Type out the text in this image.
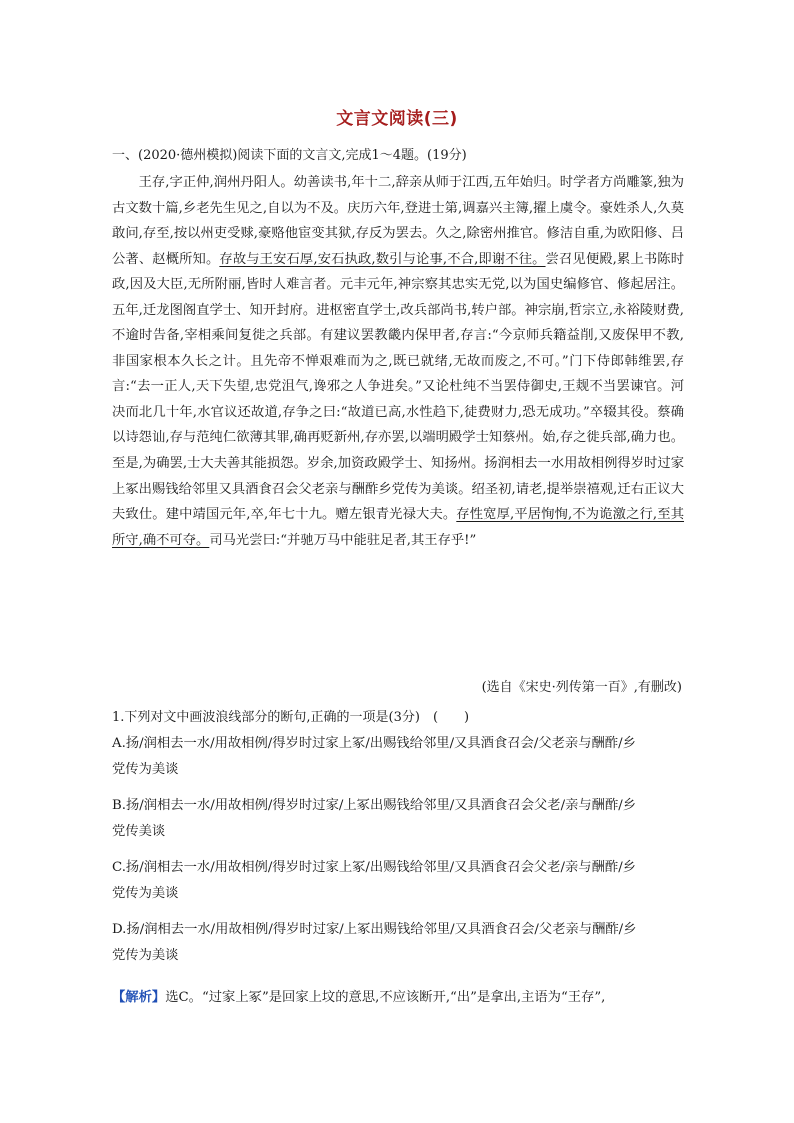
文言文阅读(三)
一、(2020·德州模拟)阅读下面的文言文,完成1～4题。(19分)

王存,字正仲,润州丹阳人。幼善读书,年十二,辞亲从师于江西,五年始归。时学者方尚雕篆,独为古文数十篇,乡老先生见之,自以为不及。庆历六年,登进士第,调嘉兴主簿,擢上虞令。豪姓杀人,久莫敢问,存至,按以州吏受赇,豪赂他宦变其狱,存反为罢去。久之,除密州推官。修洁自重,为欧阳修、吕公著、赵概所知。存故与王安石厚,安石执政,数引与论事,不合,即谢不往。尝召见便殿,累上书陈时政,因及大臣,无所附丽,皆时人难言者。元丰元年,神宗察其忠实无党,以为国史编修官、修起居注。五年,迁龙图阁直学士、知开封府。进枢密直学士,改兵部尚书,转户部。神宗崩,哲宗立,永裕陵财费,不逾时告备,宰相乘间复徙之兵部。有建议罢教畿内保甲者,存言:“今京师兵籍益削,又废保甲不教,非国家根本久长之计。且先帝不惮艰难而为之,既已就绪,无故而废之,不可。”门下侍郎韩维罢,存言:“去一正人,天下失望,忠党沮气,谗邪之人争进矣。”又论杜纯不当罢侍御史,王觌不当罢谏官。河决而北几十年,水官议还故道,存争之曰:“故道已高,水性趋下,徒费财力,恐无成功。”卒辍其役。蔡确以诗怨讪,存与范纯仁欲薄其罪,确再贬新州,存亦罢,以端明殿学士知蔡州。始,存之徙兵部,确力也。至是,为确罢,士大夫善其能损怨。岁余,加资政殿学士、知扬州。扬润相去一水用故相例得岁时过家上冢出赐钱给邻里又具酒食召会父老亲与酬酢乡党传为美谈。绍圣初,请老,提举崇禧观,迁右正议大夫致仕。建中靖国元年,卒,年七十九。赠左银青光禄大夫。存性宽厚,平居恂恂,不为诡激之行,至其所守,确不可夺。司马光尝曰:“并驰万马中能驻足者,其王存乎!”

(选自《宋史·列传第一百》,有删改)
1.下列对文中画波浪线部分的断句,正确的一项是(3分)　(　　)
A.扬/润相去一水/用故相例/得岁时过家上冢/出赐钱给邻里/又具酒食召会/父老亲与酬酢/乡
党传为美谈
B.扬/润相去一水/用故相例/得岁时过家/上冢出赐钱给邻里/又具酒食召会父老/亲与酬酢/乡
党传美谈
C.扬/润相去一水/用故相例/得岁时过家上冢/出赐钱给邻里/又具酒食召会父老/亲与酬酢/乡
党传为美谈
D.扬/润相去一水/用故相例/得岁时过家/上冢出赐钱给邻里/又具酒食召会/父老亲与酬酢/乡
党传为美谈
【解析】选C。“过家上冢”是回家上坟的意思,不应该断开,“出”是拿出,主语为“王存”,
